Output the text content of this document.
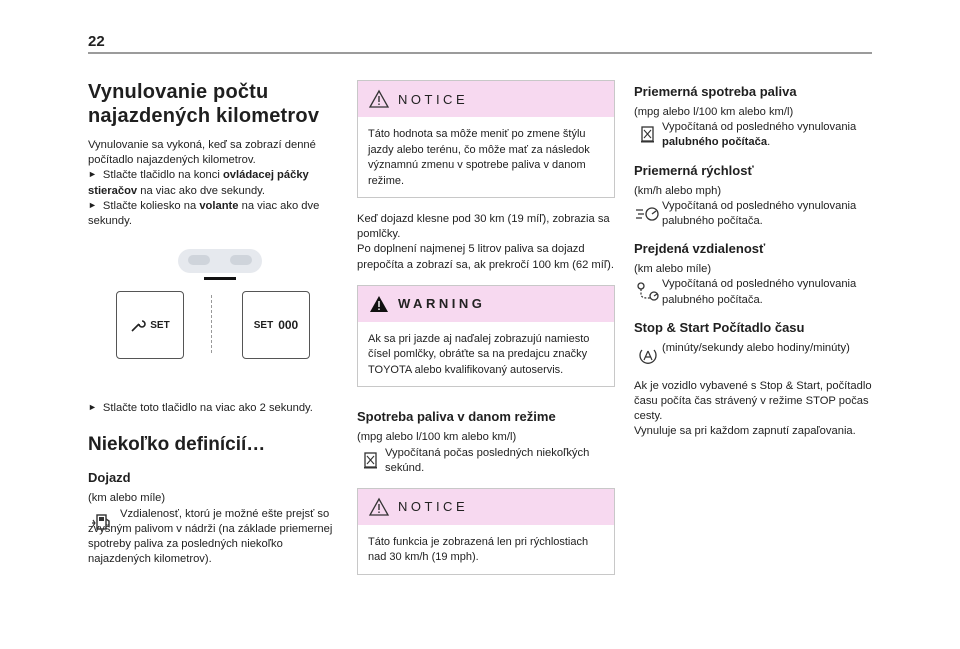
22
Vynulovanie počtu najazdených kilometrov

Vynulovanie sa vykoná, keď sa zobrazí denné počítadlo najazdených kilometrov.

► Stlačte tlačidlo na konci ovládacej páčky stieračov na viac ako dve sekundy.

► Stlačte koliesko na volante na viac ako dve sekundy.

SET	SET 000

► Stlačte toto tlačidlo na viac ako 2 sekundy.

Niekoľko definícií…
Dojazd

(km alebo míle)

Vzdialenosť, ktorú je možné ešte prejsť so zvyšným palivom v nádrži (na základe priemernej spotreby paliva za posledných niekoľko najazdených kilometrov).

NOTICE
Táto hodnota sa môže meniť po zmene štýlu jazdy alebo terénu, čo môže mať za následok významnú zmenu v spotrebe paliva v danom režime.

Keď dojazd klesne pod 30 km (19 míľ), zobrazia sa pomlčky.

Po doplnení najmenej 5 litrov paliva sa dojazd prepočíta a zobrazí sa, ak prekročí 100 km (62 míľ).

WARNING
Ak sa pri jazde aj naďalej zobrazujú namiesto čísel pomlčky, obráťte sa na predajcu značky TOYOTA alebo kvalifikovaný autoservis.
Spotreba paliva v danom režime

(mpg alebo l/100 km alebo km/l)

Vypočítaná počas posledných niekoľkých sekúnd.

NOTICE
Táto funkcia je zobrazená len pri rýchlostiach nad 30 km/h (19 mph).
Priemerná spotreba paliva

(mpg alebo l/100 km alebo km/l)

Vypočítaná od posledného vynulovania palubného počítača.

Priemerná rýchlosť

(km/h alebo mph)

Vypočítaná od posledného vynulovania palubného počítača.

Prejdená vzdialenosť

(km alebo míle)

Vypočítaná od posledného vynulovania palubného počítača.

Stop & Start Počítadlo času

(minúty/sekundy alebo hodiny/minúty)

Ak je vozidlo vybavené s Stop & Start, počítadlo času počíta čas strávený v režime STOP počas cesty.

Vynuluje sa pri každom zapnutí zapaľovania.
